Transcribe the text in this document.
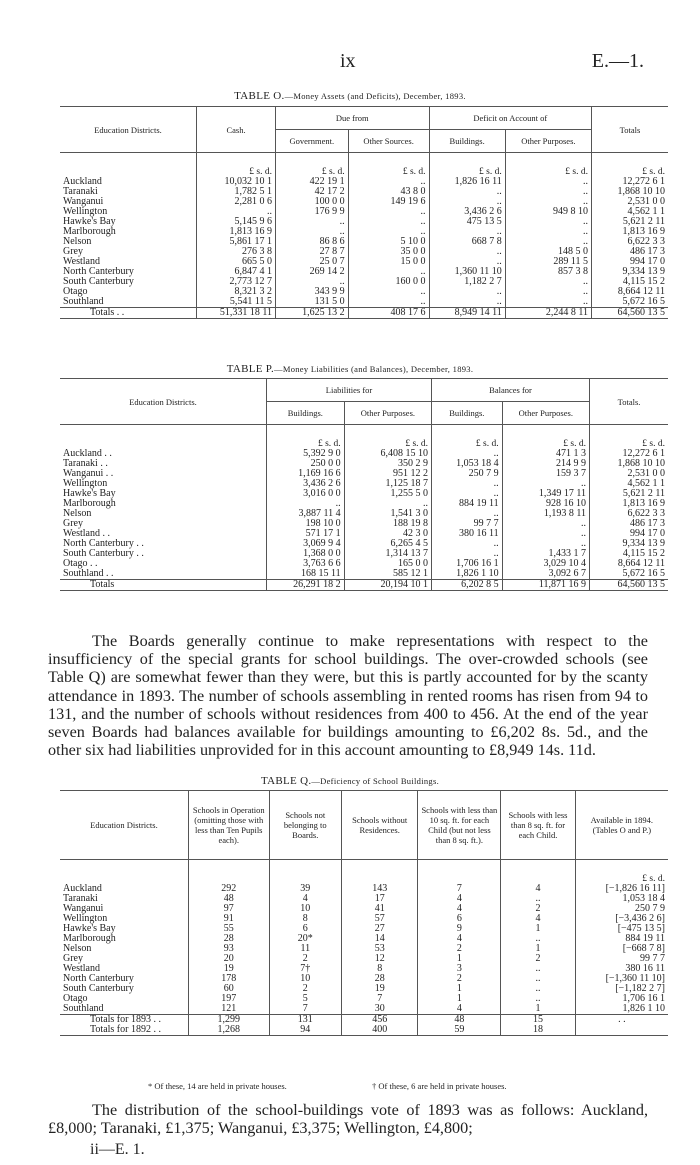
ix	E.—1.
TABLE O.—Money Assets (and Deficits), December, 1893.
Education Districts.	Cash.	Due from		Deficit on Account of		Totals
		Government.	Other Sources.	Buildings.	Other Purposes.	

	£ s. d.	£ s. d.	£ s. d.	£ s. d.	£ s. d.	£ s. d.
Auckland	10,032 10 1	422 19 1	..	1,826 16 11	..	12,272 6 1
Taranaki	1,782 5 1	42 17 2	43 8 0	..	..	1,868 10 10
Wanganui	2,281 0 6	100 0 0	149 19 6	..	..	2,531 0 0
Wellington	..	176 9 9	..	3,436 2 6	949 8 10	4,562 1 1
Hawke's Bay	5,145 9 6	..	..	475 13 5	..	5,621 2 11
Marlborough	1,813 16 9	..	..	..	..	1,813 16 9
Nelson	5,861 17 1	86 8 6	5 10 0	668 7 8	..	6,622 3 3
Grey	276 3 8	27 8 7	35 0 0	..	148 5 0	486 17 3
Westland	665 5 0	25 0 7	15 0 0	..	289 11 5	994 17 0
North Canterbury	6,847 4 1	269 14 2	..	1,360 11 10	857 3 8	9,334 13 9
South Canterbury	2,773 12 7	..	160 0 0	1,182 2 7	..	4,115 15 2
Otago	8,321 3 2	343 9 9	..	..	..	8,664 12 11
Southland	5,541 11 5	131 5 0	..	..	..	5,672 16 5
Totals . .	51,331 18 11	1,625 13 2	408 17 6	8,949 14 11	2,244 8 11	64,560 13 5
TABLE P.—Money Liabilities (and Balances), December, 1893.
Education Districts.	Liabilities for		Balances for		Totals.
	Buildings.	Other Purposes.	Buildings.	Other Purposes.	

	£ s. d.	£ s. d.	£ s. d.	£ s. d.	£ s. d.
Auckland . .	5,392 9 0	6,408 15 10	..	471 1 3	12,272 6 1
Taranaki . .	250 0 0	350 2 9	1,053 18 4	214 9 9	1,868 10 10
Wanganui . .	1,169 16 6	951 12 2	250 7 9	159 3 7	2,531 0 0
Wellington	3,436 2 6	1,125 18 7	..	..	4,562 1 1
Hawke's Bay	3,016 0 0	1,255 5 0	..	1,349 17 11	5,621 2 11
Marlborough	..	..	884 19 11	928 16 10	1,813 16 9
Nelson	3,887 11 4	1,541 3 0	..	1,193 8 11	6,622 3 3
Grey	198 10 0	188 19 8	99 7 7	..	486 17 3
Westland . .	571 17 1	42 3 0	380 16 11	..	994 17 0
North Canterbury . .	3,069 9 4	6,265 4 5	..	..	9,334 13 9
South Canterbury . .	1,368 0 0	1,314 13 7	..	1,433 1 7	4,115 15 2
Otago . .	3,763 6 6	165 0 0	1,706 16 1	3,029 10 4	8,664 12 11
Southland . .	168 15 11	585 12 1	1,826 1 10	3,092 6 7	5,672 16 5
Totals	26,291 18 2	20,194 10 1	6,202 8 5	11,871 16 9	64,560 13 5
The Boards generally continue to make representations with respect to the insufficiency of the special grants for school buildings. The over-crowded schools (see Table Q) are somewhat fewer than they were, but this is partly accounted for by the scanty attendance in 1893. The number of schools assembling in rented rooms has risen from 94 to 131, and the number of schools without residences from 400 to 456. At the end of the year seven Boards had balances available for buildings amounting to £6,202 8s. 5d., and the other six had liabilities unprovided for in this account amounting to £8,949 14s. 11d.
TABLE Q.—Deficiency of School Buildings.
Education Districts.	Schools in Operation (omitting those with less than Ten Pupils each).	Schools not belonging to Boards.	Schools without Residences.	Schools with less than 10 sq. ft. for each Child (but not less than 8 sq. ft.).	Schools with less than 8 sq. ft. for each Child.	Available in 1894. (Tables O and P.)

						£ s. d.
Auckland	292	39	143	7	4	[−1,826 16 11]
Taranaki	48	4	17	4	..	1,053 18 4
Wanganui	97	10	41	4	2	250 7 9
Wellington	91	8	57	6	4	[−3,436 2 6]
Hawke's Bay	55	6	27	9	1	[−475 13 5]
Marlborough	28	20*	14	4	..	884 19 11
Nelson	93	11	53	2	1	[−668 7 8]
Grey	20	2	12	1	2	99 7 7
Westland	19	7†	8	3	..	380 16 11
North Canterbury	178	10	28	2	..	[−1,360 11 10]
South Canterbury	60	2	19	1	..	[−1,182 2 7]
Otago	197	5	7	1	..	1,706 16 1
Southland	121	7	30	4	1	1,826 1 10
Totals for 1893 . .	1,299	131	456	48	15	. .
Totals for 1892 . .	1,268	94	400	59	18	
* Of these, 14 are held in private houses.	† Of these, 6 are held in private houses.
The distribution of the school-buildings vote of 1893 was as follows: Auckland, £8,000; Taranaki, £1,375; Wanganui, £3,375; Wellington, £4,800;
ii—E. 1.
